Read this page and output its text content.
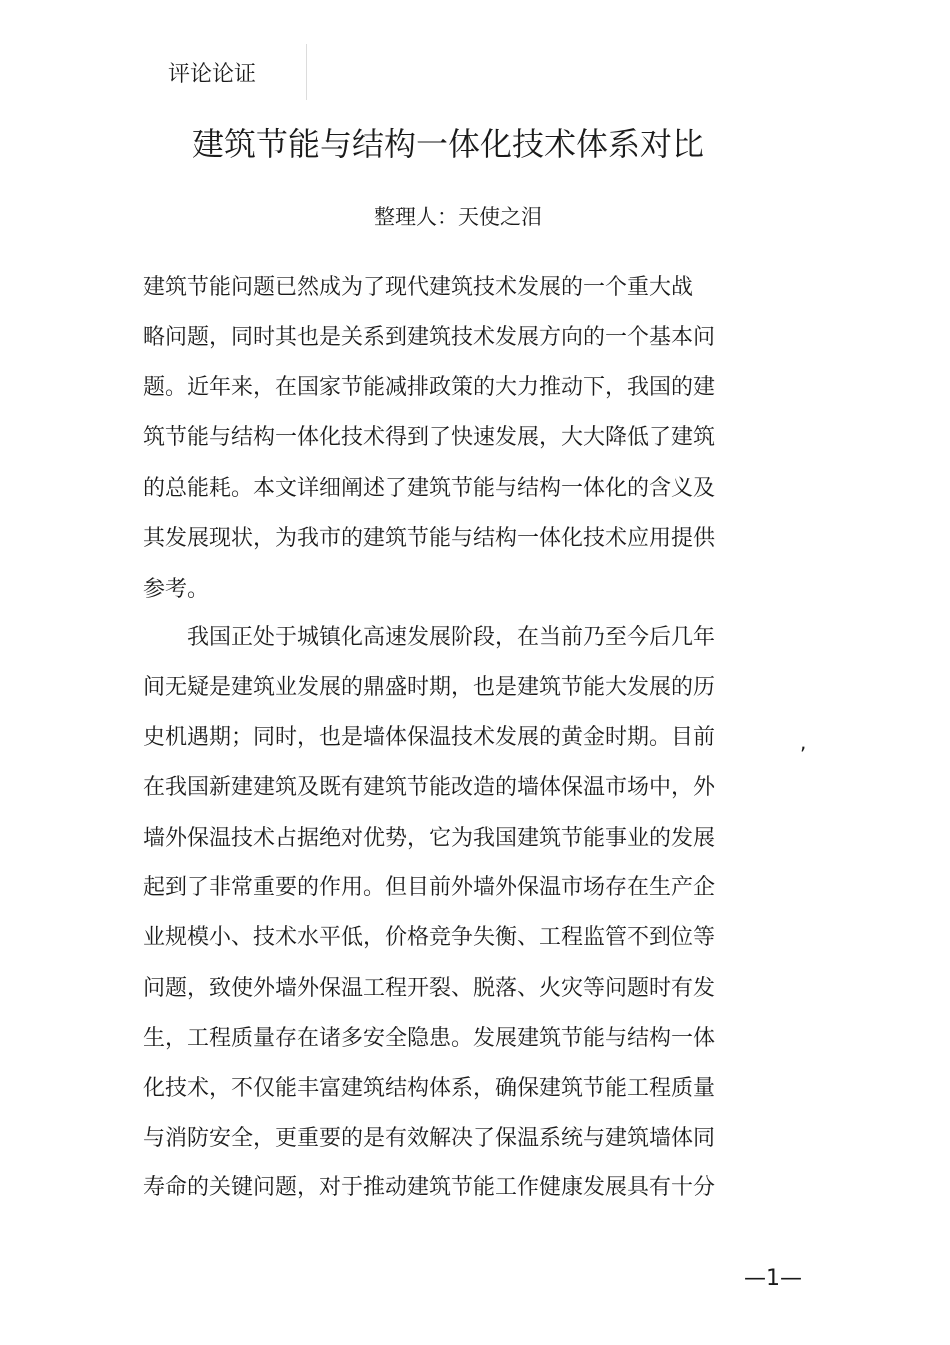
评论论证
建筑节能与结构一体化技术体系对比
整理人：天使之泪
建筑节能问题已然成为了现代建筑技术发展的一个重大战
略问题，同时其也是关系到建筑技术发展方向的一个基本问
题。近年来，在国家节能减排政策的大力推动下，我国的建
筑节能与结构一体化技术得到了快速发展，大大降低了建筑
的总能耗。本文详细阐述了建筑节能与结构一体化的含义及
其发展现状，为我市的建筑节能与结构一体化技术应用提供
参考。
我国正处于城镇化高速发展阶段，在当前乃至今后几年
间无疑是建筑业发展的鼎盛时期，也是建筑节能大发展的历
史机遇期；同时，也是墙体保温技术发展的黄金时期。目前
在我国新建建筑及既有建筑节能改造的墙体保温市场中，外
墙外保温技术占据绝对优势，它为我国建筑节能事业的发展
起到了非常重要的作用。但目前外墙外保温市场存在生产企
业规模小、技术水平低，价格竞争失衡、工程监管不到位等
问题，致使外墙外保温工程开裂、脱落、火灾等问题时有发
生，工程质量存在诸多安全隐患。发展建筑节能与结构一体
化技术，不仅能丰富建筑结构体系，确保建筑节能工程质量
与消防安全，更重要的是有效解决了保温系统与建筑墙体同
寿命的关键问题，对于推动建筑节能工作健康发展具有十分
,
—1—
